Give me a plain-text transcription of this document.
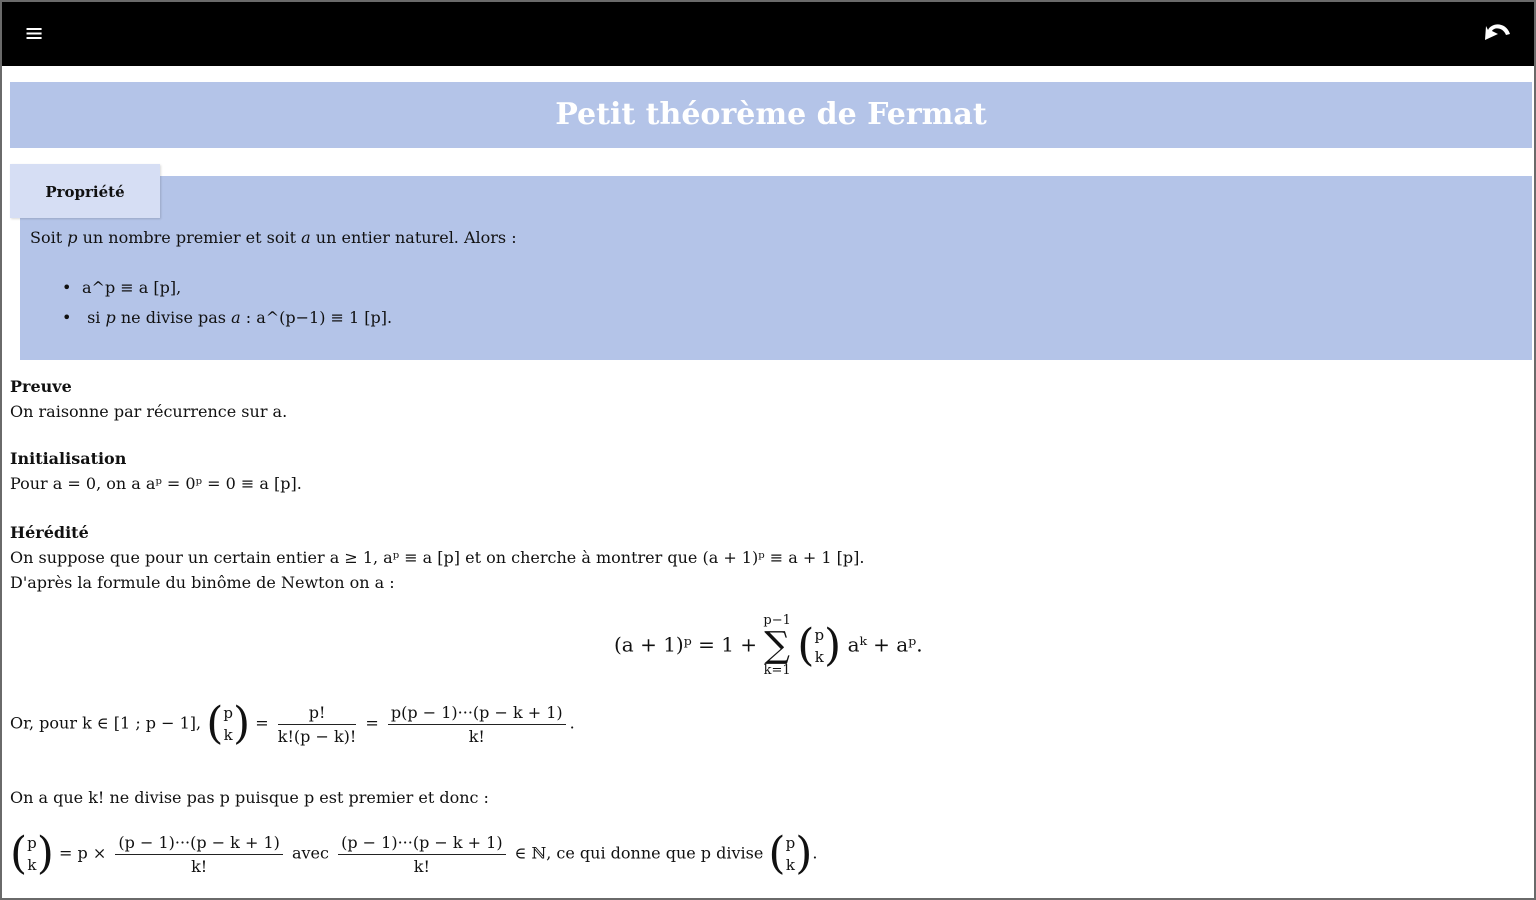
≡
Petit théorème de Fermat
Propriété
Soit p un nombre premier et soit a un entier naturel. Alors :
• a^p ≡ a [p],
• si p ne divise pas a : a^(p−1) ≡ 1 [p].
Preuve
On raisonne par récurrence sur a.
Initialisation
Pour a = 0, on a aᵖ = 0ᵖ = 0 ≡ a [p].
Hérédité
On suppose que pour un certain entier a ≥ 1, aᵖ ≡ a [p] et on cherche à montrer que (a + 1)ᵖ ≡ a + 1 [p].
D'après la formule du binôme de Newton on a :
(a + 1)ᵖ = 1 + p−1
∑
k=1 ( p
k ) aᵏ + aᵖ.
Or, pour k ∈ [1 ; p − 1], ( p
k ) = $\frac{p!}{k!(p - k)!} = \frac{p(p - 1)\cdot\cdot\cdot(p - k + 1)}{k!}$ .
On a que k! ne divise pas p puisque p est premier et donc :
( p
k ) = $p \times \frac{(p - 1)\cdot\cdot\cdot(p - k + 1)}{k!}$ avec $\frac{(p - 1)\cdot\cdot\cdot(p - k + 1)}{k!}$ ∈ ℕ, ce qui donne que p divise ( p
k ).
